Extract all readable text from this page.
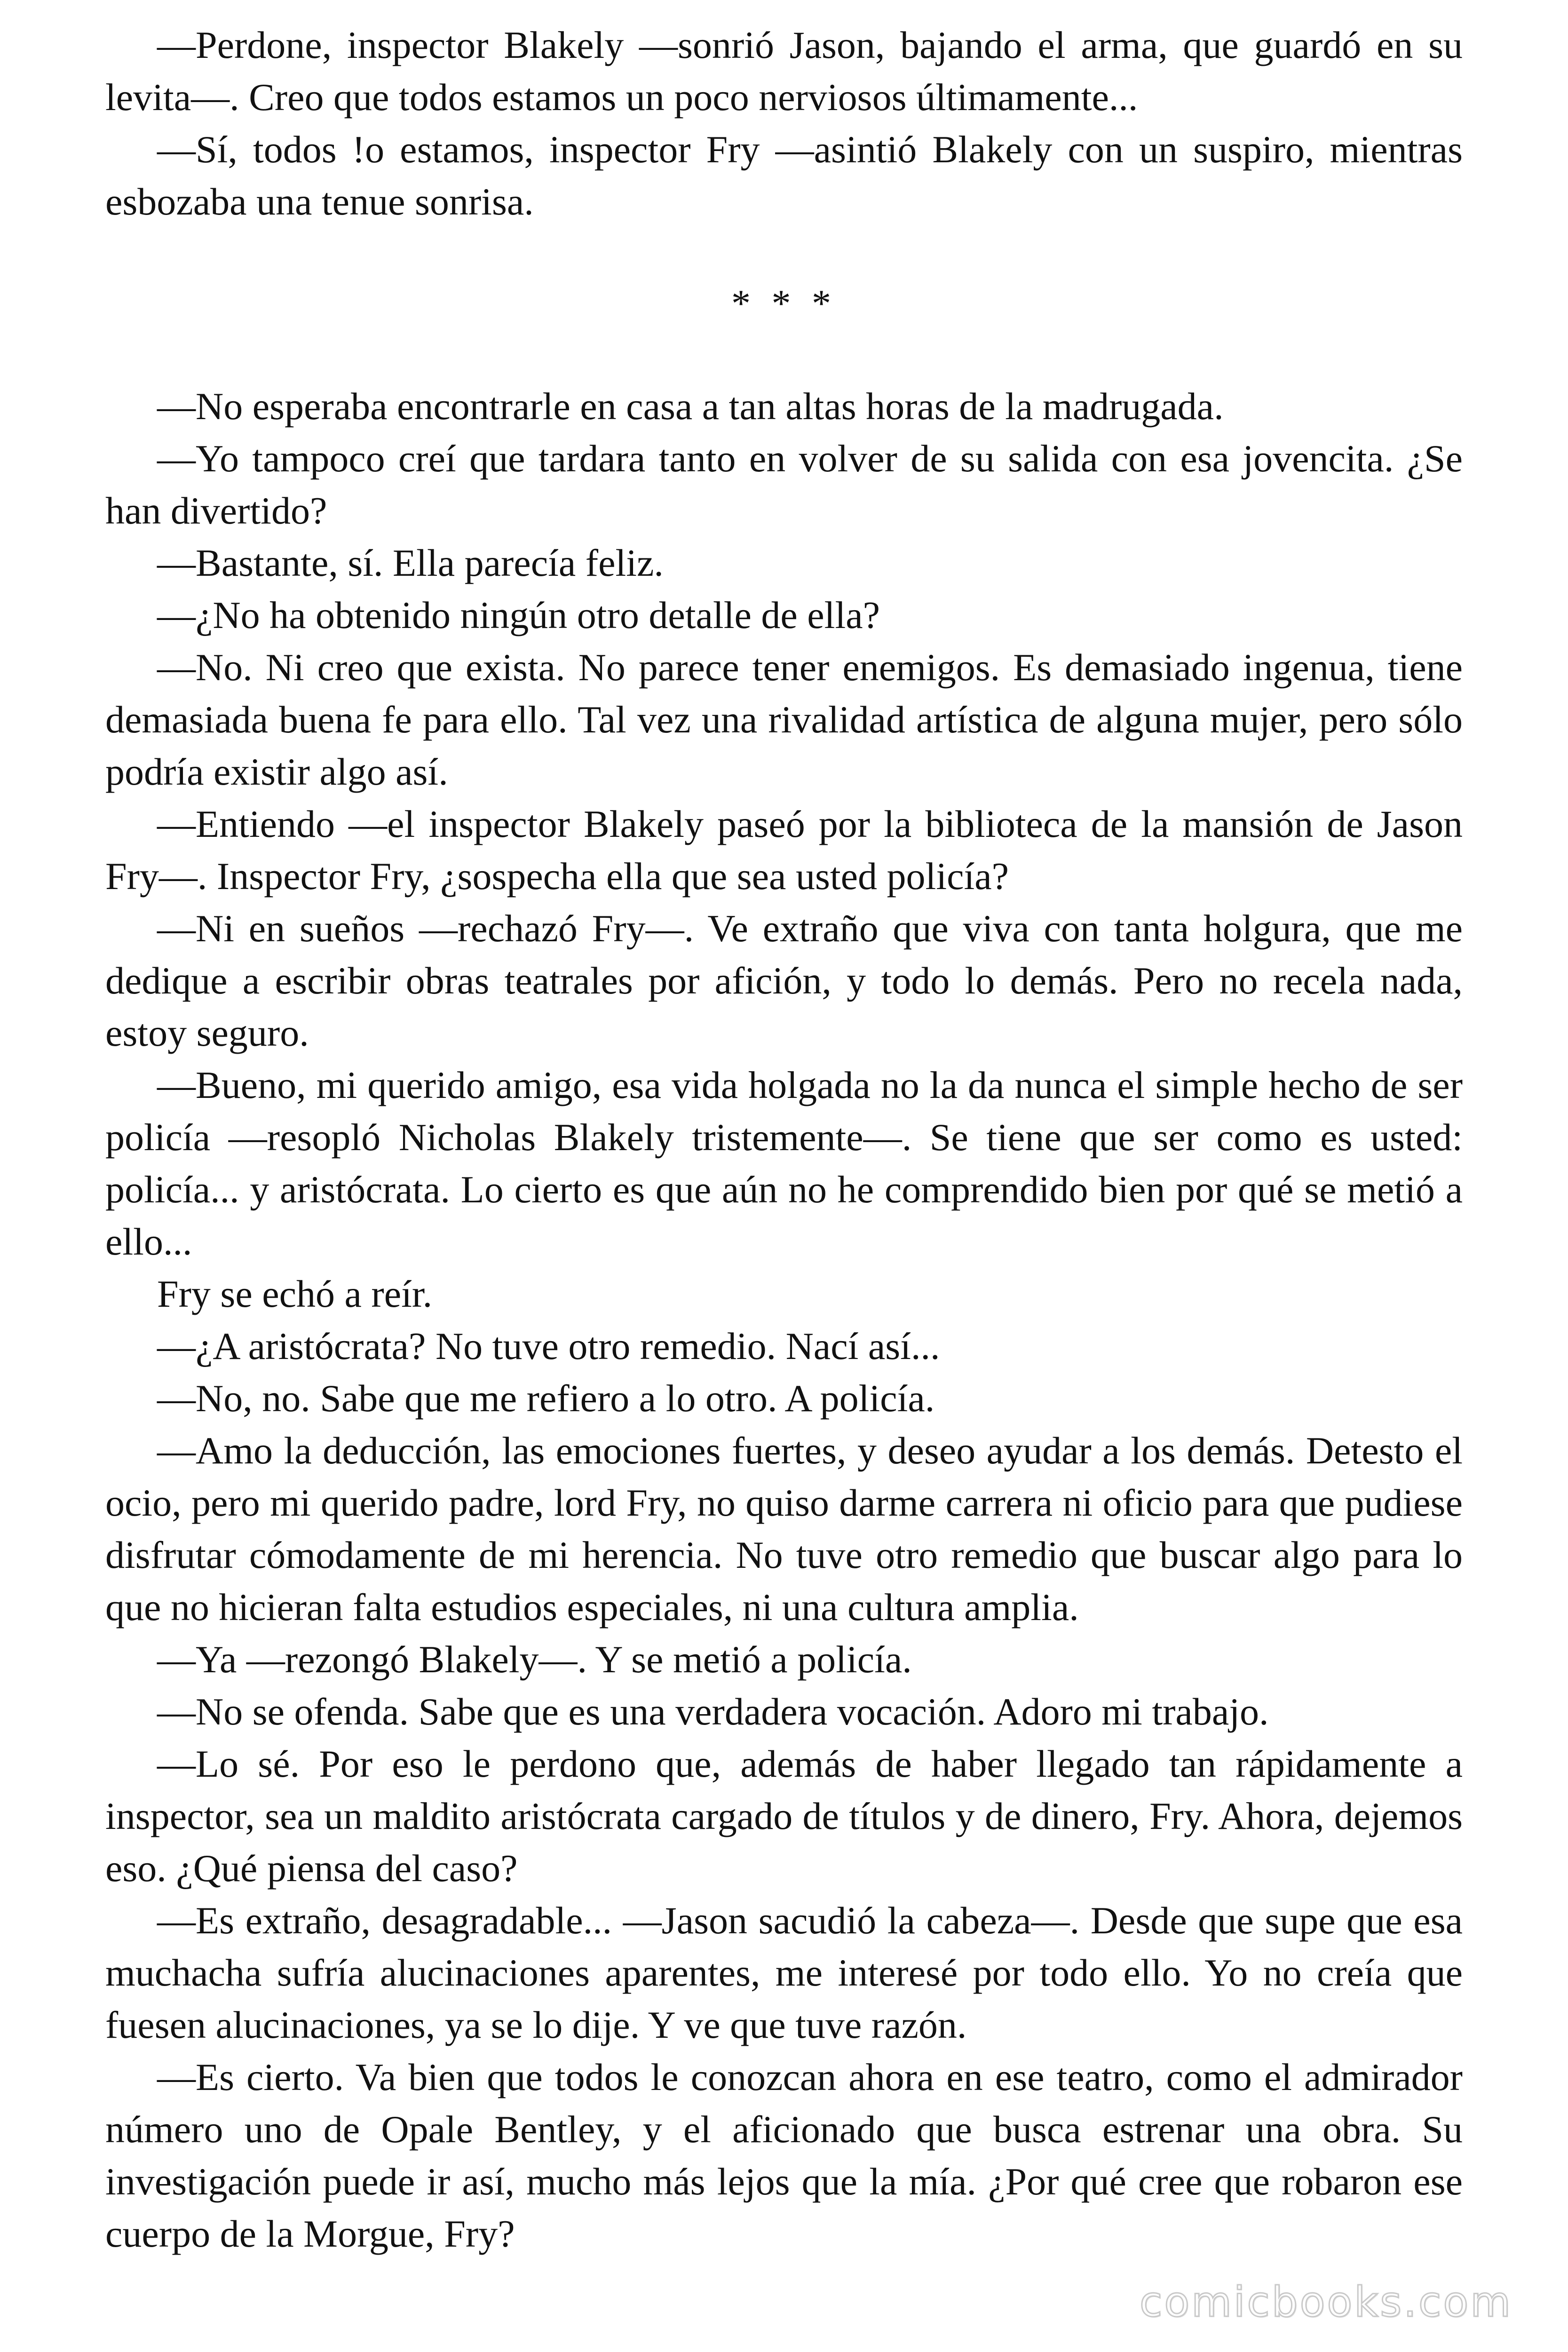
—Perdone, inspector Blakely —sonrió Jason, bajando el arma, que guardó en su levita—. Creo que todos estamos un poco nerviosos últimamente...

—Sí, todos !o estamos, inspector Fry —asintió Blakely con un suspiro, mientras esbozaba una tenue sonrisa.

* * *

—No esperaba encontrarle en casa a tan altas horas de la madrugada.

—Yo tampoco creí que tardara tanto en volver de su salida con esa jovencita. ¿Se han divertido?

—Bastante, sí. Ella parecía feliz.

—¿No ha obtenido ningún otro detalle de ella?

—No. Ni creo que exista. No parece tener enemigos. Es demasiado ingenua, tiene demasiada buena fe para ello. Tal vez una rivalidad artística de alguna mujer, pero sólo podría existir algo así.

—Entiendo —el inspector Blakely paseó por la biblioteca de la mansión de Jason Fry—. Inspector Fry, ¿sospecha ella que sea usted policía?

—Ni en sueños —rechazó Fry—. Ve extraño que viva con tanta holgura, que me dedique a escribir obras teatrales por afición, y todo lo demás. Pero no recela nada, estoy seguro.

—Bueno, mi querido amigo, esa vida holgada no la da nunca el simple hecho de ser policía —resopló Nicholas Blakely tristemente—. Se tiene que ser como es usted: policía... y aristócrata. Lo cierto es que aún no he comprendido bien por qué se metió a ello...

Fry se echó a reír.

—¿A aristócrata? No tuve otro remedio. Nací así...

—No, no. Sabe que me refiero a lo otro. A policía.

—Amo la deducción, las emociones fuertes, y deseo ayudar a los demás. Detesto el ocio, pero mi querido padre, lord Fry, no quiso darme carrera ni oficio para que pudiese disfrutar cómodamente de mi herencia. No tuve otro remedio que buscar algo para lo que no hicieran falta estudios especiales, ni una cultura amplia.

—Ya —rezongó Blakely—. Y se metió a policía.

—No se ofenda. Sabe que es una verdadera vocación. Adoro mi trabajo.

—Lo sé. Por eso le perdono que, además de haber llegado tan rápidamente a inspector, sea un maldito aristócrata cargado de títulos y de dinero, Fry. Ahora, dejemos eso. ¿Qué piensa del caso?

—Es extraño, desagradable... —Jason sacudió la cabeza—. Desde que supe que esa muchacha sufría alucinaciones aparentes, me interesé por todo ello. Yo no creía que fuesen alucinaciones, ya se lo dije. Y ve que tuve razón.

—Es cierto. Va bien que todos le conozcan ahora en ese teatro, como el admirador número uno de Opale Bentley, y el aficionado que busca estrenar una obra. Su investigación puede ir así, mucho más lejos que la mía. ¿Por qué cree que robaron ese cuerpo de la Morgue, Fry?

comicbooks.com
